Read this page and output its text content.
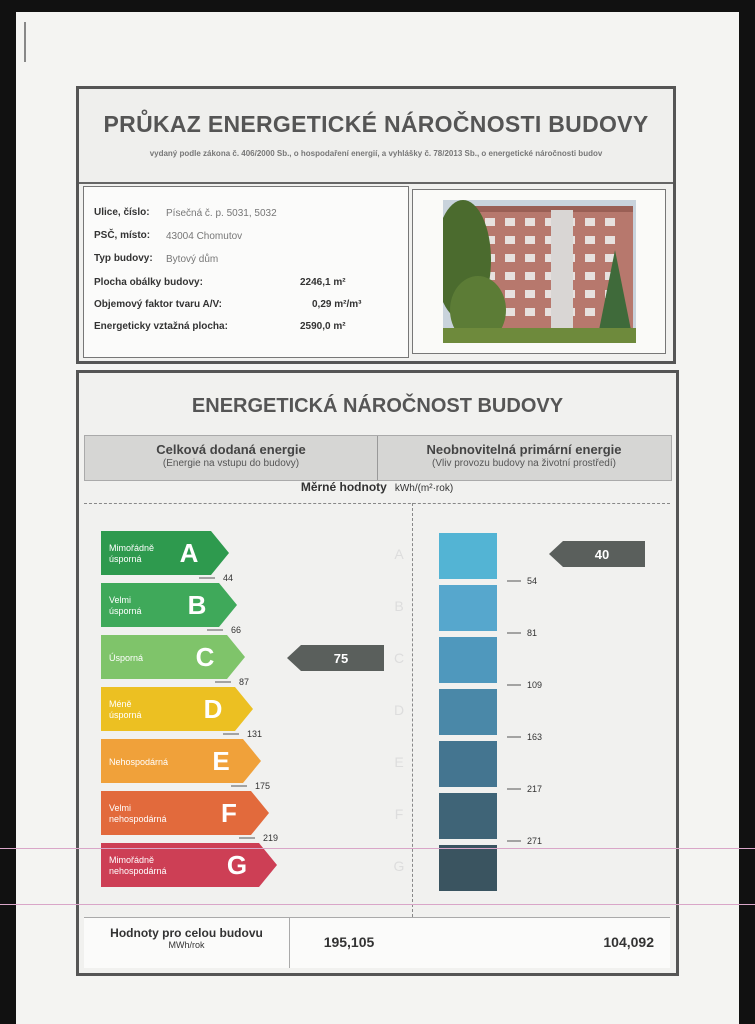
PRŮKAZ ENERGETICKÉ NÁROČNOSTI BUDOVY
vydaný podle zákona č. 406/2000 Sb., o hospodaření energií, a vyhlášky č. 78/2013 Sb., o energetické náročnosti budov
Ulice, číslo: Písečná č. p. 5031, 5032
PSČ, místo: 43004 Chomutov
Typ budovy: Bytový dům
Plocha obálky budovy:	2246,1 m²
Objemový faktor tvaru A/V:	0,29 m²/m³
Energeticky vztažná plocha:	2590,0 m²
ENERGETICKÁ NÁROČNOST BUDOVY
Celková dodaná energie
(Energie na vstupu do budovy)
Neobnovitelná primární energie
(Vliv provozu budovy na životní prostředí)
Měrné hodnoty kWh/(m²·rok)
Mimořádně úsporná	A	A
Velmi úsporná B	B
Úsporná C	C
Méně úsporná D	D
Nehospodárná E	E
Velmi nehospodárná F	F
Mimořádně nehospodárná G	G
44
66
87
131
175
219
54
81
109
163
217
271
75
40
Hodnoty pro celou budovu
MWh/rok	195,105	104,092
